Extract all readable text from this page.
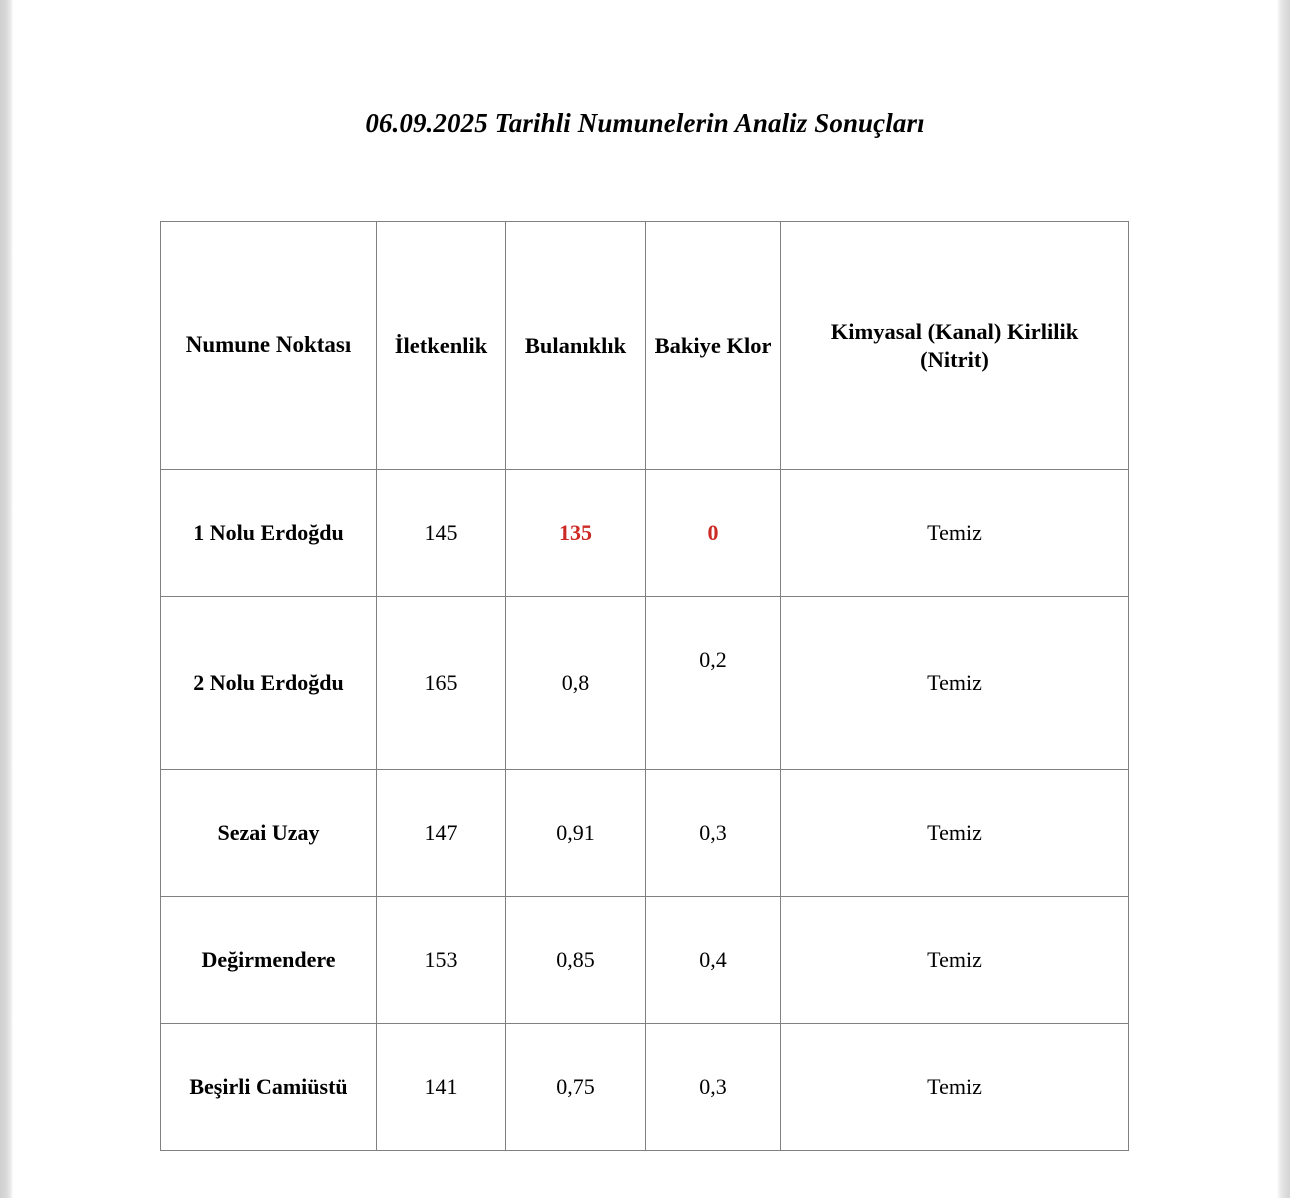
06.09.2025 Tarihli Numunelerin Analiz Sonuçları
Numune Noktası	İletkenlik	Bulanıklık	Bakiye Klor	Kimyasal (Kanal) Kirlilik (Nitrit)
1 Nolu Erdoğdu	145	135	0	Temiz
2 Nolu Erdoğdu	165	0,8	0,2	Temiz
Sezai Uzay	147	0,91	0,3	Temiz
Değirmendere	153	0,85	0,4	Temiz
Beşirli Camiüstü	141	0,75	0,3	Temiz
